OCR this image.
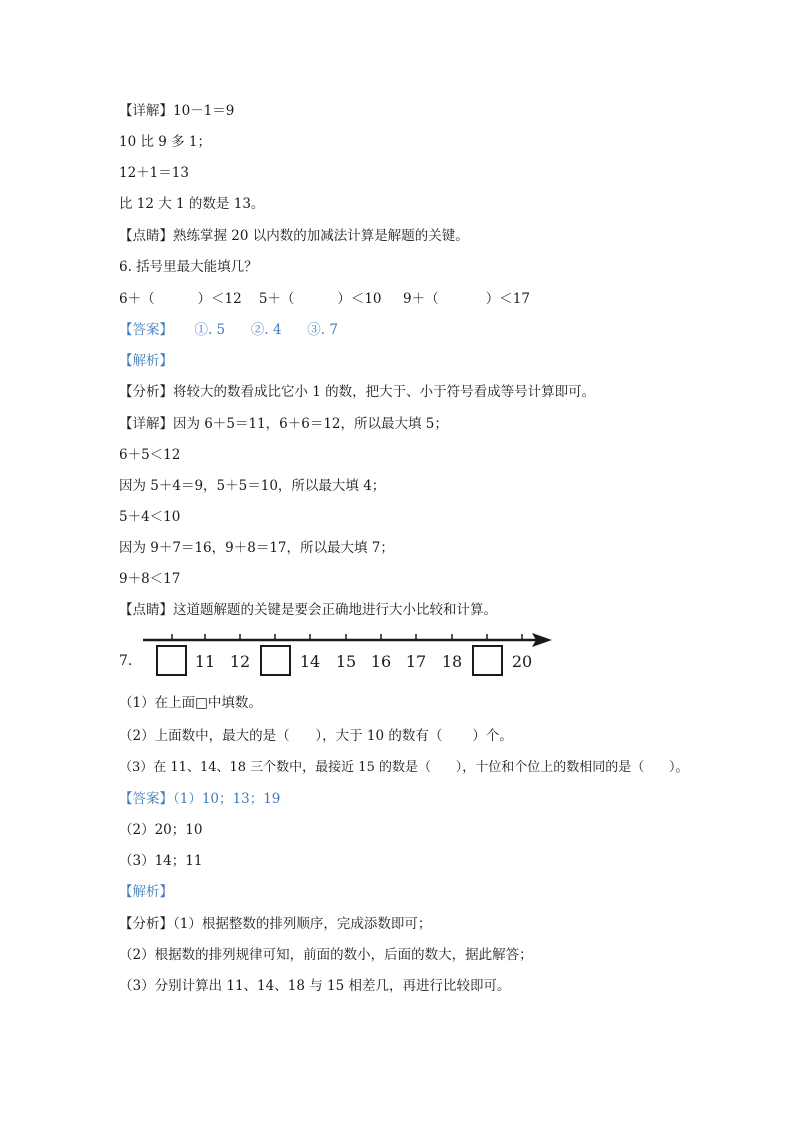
【详解】10－1＝9
10 比 9 多 1；
12＋1＝13
比 12 大 1 的数是 13。
【点睛】熟练掌握 20 以内数的加减法计算是解题的关键。
6. 括号里最大能填几？
6＋（          ）＜12    5＋（          ）＜10     9＋（           ）＜17
【答案】     ①. 5      ②. 4      ③. 7
【解析】
【分析】将较大的数看成比它小 1 的数，把大于、小于符号看成等号计算即可。
【详解】因为 6＋5＝11，6＋6＝12，所以最大填 5；
6＋5＜12
因为 5＋4＝9，5＋5＝10，所以最大填 4；
5＋4＜10
因为 9＋7＝16，9＋8＝17，所以最大填 7；
9＋8＜17
【点睛】这道题解题的关键是要会正确地进行大小比较和计算。
7.	11 12	14 15 16 17 18	20
（1）在上面□中填数。
（2）上面数中，最大的是（      ），大于 10 的数有（       ）个。
（3）在 11、14、18 三个数中，最接近 15 的数是（      ），十位和个位上的数相同的是（      ）。
【答案】（1）10；13；19
（2）20；10
（3）14；11
【解析】
【分析】（1）根据整数的排列顺序，完成添数即可；
（2）根据数的排列规律可知，前面的数小，后面的数大，据此解答；
（3）分别计算出 11、14、18 与 15 相差几，再进行比较即可。
